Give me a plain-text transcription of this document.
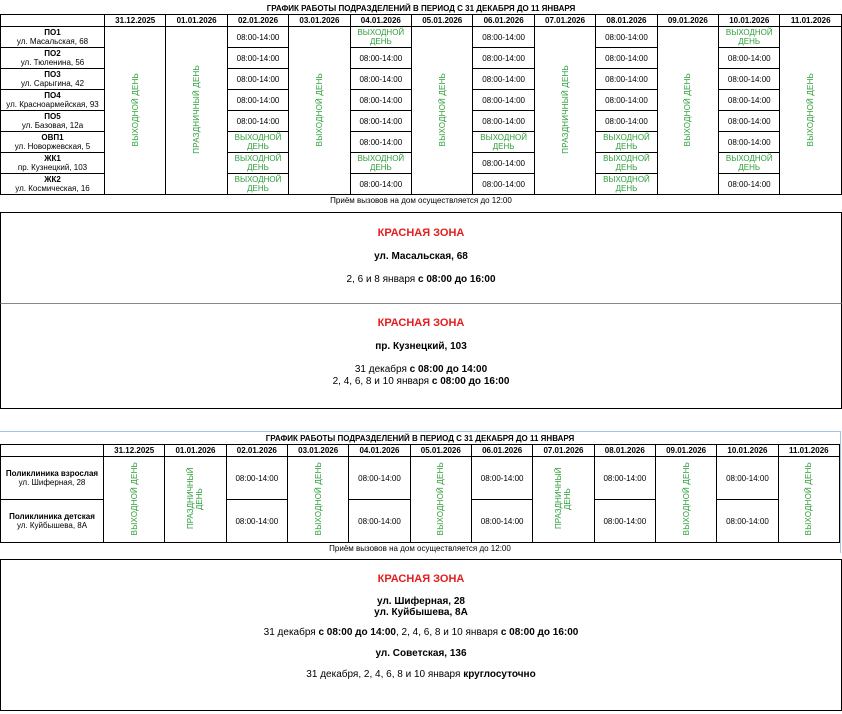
ГРАФИК РАБОТЫ ПОДРАЗДЕЛЕНИЙ В ПЕРИОД С 31 ДЕКАБРЯ ДО 11 ЯНВАРЯ												
	31.12.2025	01.01.2026	02.01.2026	03.01.2026	04.01.2026	05.01.2026	06.01.2026	07.01.2026	08.01.2026	09.01.2026	10.01.2026	11.01.2026

ПО1
ул. Масальская, 68	ВЫХОДНОЙ ДЕНЬ	ПРАЗДНИЧНЫЙ ДЕНЬ	08:00-14:00	ВЫХОДНОЙ ДЕНЬ	ВЫХОДНОЙ ДЕНЬ	ВЫХОДНОЙ ДЕНЬ	08:00-14:00	ПРАЗДНИЧНЫЙ ДЕНЬ	08:00-14:00	ВЫХОДНОЙ ДЕНЬ	ВЫХОДНОЙ ДЕНЬ	ВЫХОДНОЙ ДЕНЬ

ПО2
ул. Тюленина, 56			08:00-14:00		08:00-14:00		08:00-14:00		08:00-14:00		08:00-14:00	

ПО3
ул. Сарыгина, 42			08:00-14:00		08:00-14:00		08:00-14:00		08:00-14:00		08:00-14:00	

ПО4
ул. Красноармейская, 93			08:00-14:00		08:00-14:00		08:00-14:00		08:00-14:00		08:00-14:00	

ПО5
ул. Базовая, 12а			08:00-14:00		08:00-14:00		08:00-14:00		08:00-14:00		08:00-14:00	

ОВП1
ул. Новоржевская, 5			ВЫХОДНОЙ ДЕНЬ		08:00-14:00		ВЫХОДНОЙ ДЕНЬ		ВЫХОДНОЙ ДЕНЬ		08:00-14:00	

ЖК1
пр. Кузнецкий, 103			ВЫХОДНОЙ ДЕНЬ		ВЫХОДНОЙ ДЕНЬ		08:00-14:00		ВЫХОДНОЙ ДЕНЬ		ВЫХОДНОЙ ДЕНЬ	

ЖК2
ул. Космическая, 16			ВЫХОДНОЙ ДЕНЬ		08:00-14:00		08:00-14:00		ВЫХОДНОЙ ДЕНЬ		08:00-14:00	
Приём вызовов на дом осуществляется до 12:00												
КРАСНАЯ ЗОНА
ул. Масальская, 68
2, 6 и 8 января с 08:00 до 16:00
КРАСНАЯ ЗОНА
пр. Кузнецкий, 103
31 декабря с 08:00 до 14:00
2, 4, 6, 8 и 10 января с 08:00 до 16:00
ГРАФИК РАБОТЫ ПОДРАЗДЕЛЕНИЙ В ПЕРИОД С 31 ДЕКАБРЯ ДО 11 ЯНВАРЯ												
	31.12.2025	01.01.2026	02.01.2026	03.01.2026	04.01.2026	05.01.2026	06.01.2026	07.01.2026	08.01.2026	09.01.2026	10.01.2026	11.01.2026

Поликлиника взрослая
ул. Шиферная, 28	ВЫХОДНОЙ ДЕНЬ	ПРАЗДНИЧНЫЙ ДЕНЬ	08:00-14:00	ВЫХОДНОЙ ДЕНЬ	08:00-14:00	ВЫХОДНОЙ ДЕНЬ	08:00-14:00	ПРАЗДНИЧНЫЙ ДЕНЬ	08:00-14:00	ВЫХОДНОЙ ДЕНЬ	08:00-14:00	ВЫХОДНОЙ ДЕНЬ

Поликлиника детская
ул. Куйбышева, 8А			08:00-14:00		08:00-14:00		08:00-14:00		08:00-14:00		08:00-14:00	
Приём вызовов на дом осуществляется до 12:00												
КРАСНАЯ ЗОНА
ул. Шиферная, 28
ул. Куйбышева, 8А
31 декабря с 08:00 до 14:00, 2, 4, 6, 8 и 10 января с 08:00 до 16:00
ул. Советская, 136
31 декабря, 2, 4, 6, 8 и 10 января круглосуточно
